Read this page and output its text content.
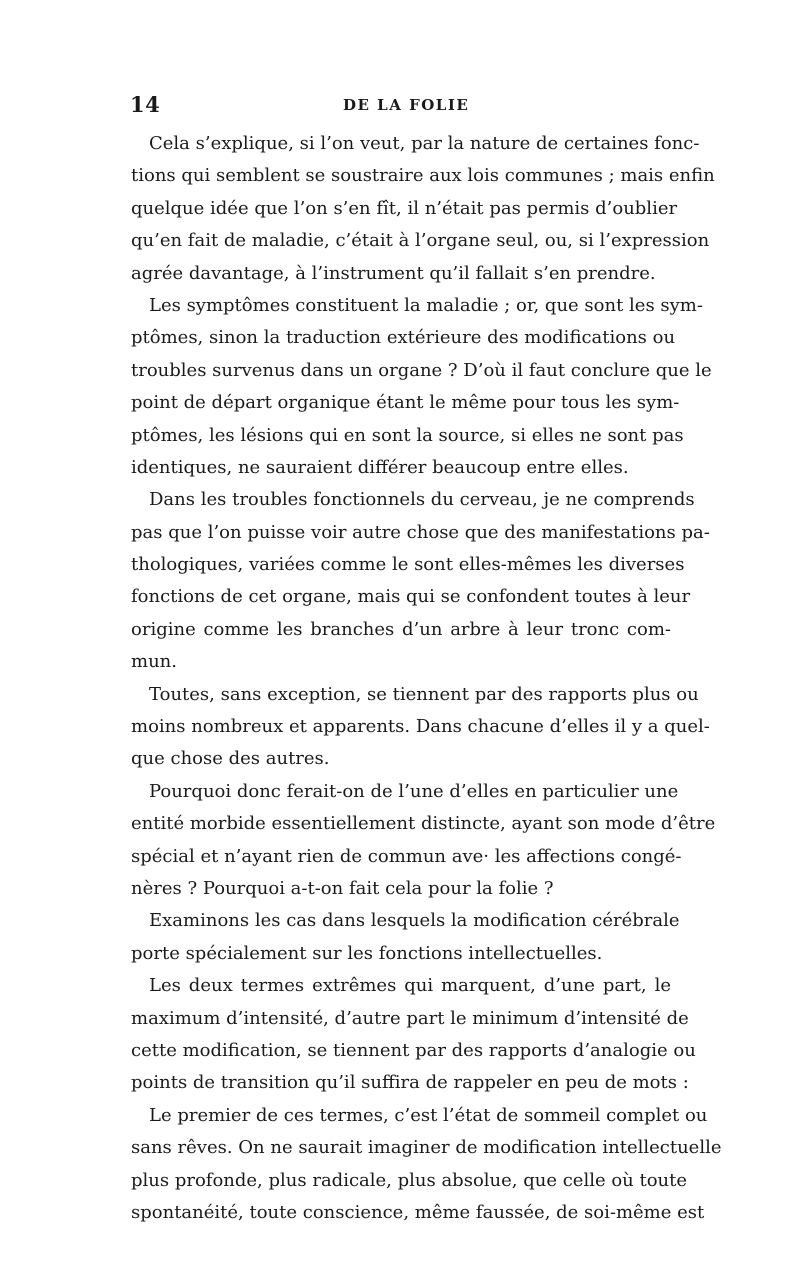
14	DE LA FOLIE
Cela s’explique, si l’on veut, par la nature de certaines fonc-
tions qui semblent se soustraire aux lois communes ; mais enfin
quelque idée que l’on s’en fît, il n’était pas permis d’oublier
qu’en fait de maladie, c’était à l’organe seul, ou, si l’expression
agrée davantage, à l’instrument qu’il fallait s’en prendre.
Les symptômes constituent la maladie ; or, que sont les sym-
ptômes, sinon la traduction extérieure des modifications ou
troubles survenus dans un organe ? D’où il faut conclure que le
point de départ organique étant le même pour tous les sym-
ptômes, les lésions qui en sont la source, si elles ne sont pas
identiques, ne sauraient différer beaucoup entre elles.
Dans les troubles fonctionnels du cerveau, je ne comprends
pas que l’on puisse voir autre chose que des manifestations pa-
thologiques, variées comme le sont elles-mêmes les diverses
fonctions de cet organe, mais qui se confondent toutes à leur
origine comme les branches d’un arbre à leur tronc com-
mun.
Toutes, sans exception, se tiennent par des rapports plus ou
moins nombreux et apparents. Dans chacune d’elles il y a quel-
que chose des autres.
Pourquoi donc ferait-on de l’une d’elles en particulier une
entité morbide essentiellement distincte, ayant son mode d’être
spécial et n’ayant rien de commun ave· les affections congé-
nères ? Pourquoi a-t-on fait cela pour la folie ?
Examinons les cas dans lesquels la modification cérébrale
porte spécialement sur les fonctions intellectuelles.
Les deux termes extrêmes qui marquent, d’une part, le
maximum d’intensité, d’autre part le minimum d’intensité de
cette modification, se tiennent par des rapports d’analogie ou
points de transition qu’il suffira de rappeler en peu de mots :
Le premier de ces termes, c’est l’état de sommeil complet ou
sans rêves. On ne saurait imaginer de modification intellectuelle
plus profonde, plus radicale, plus absolue, que celle où toute
spontanéité, toute conscience, même faussée, de soi-même est
